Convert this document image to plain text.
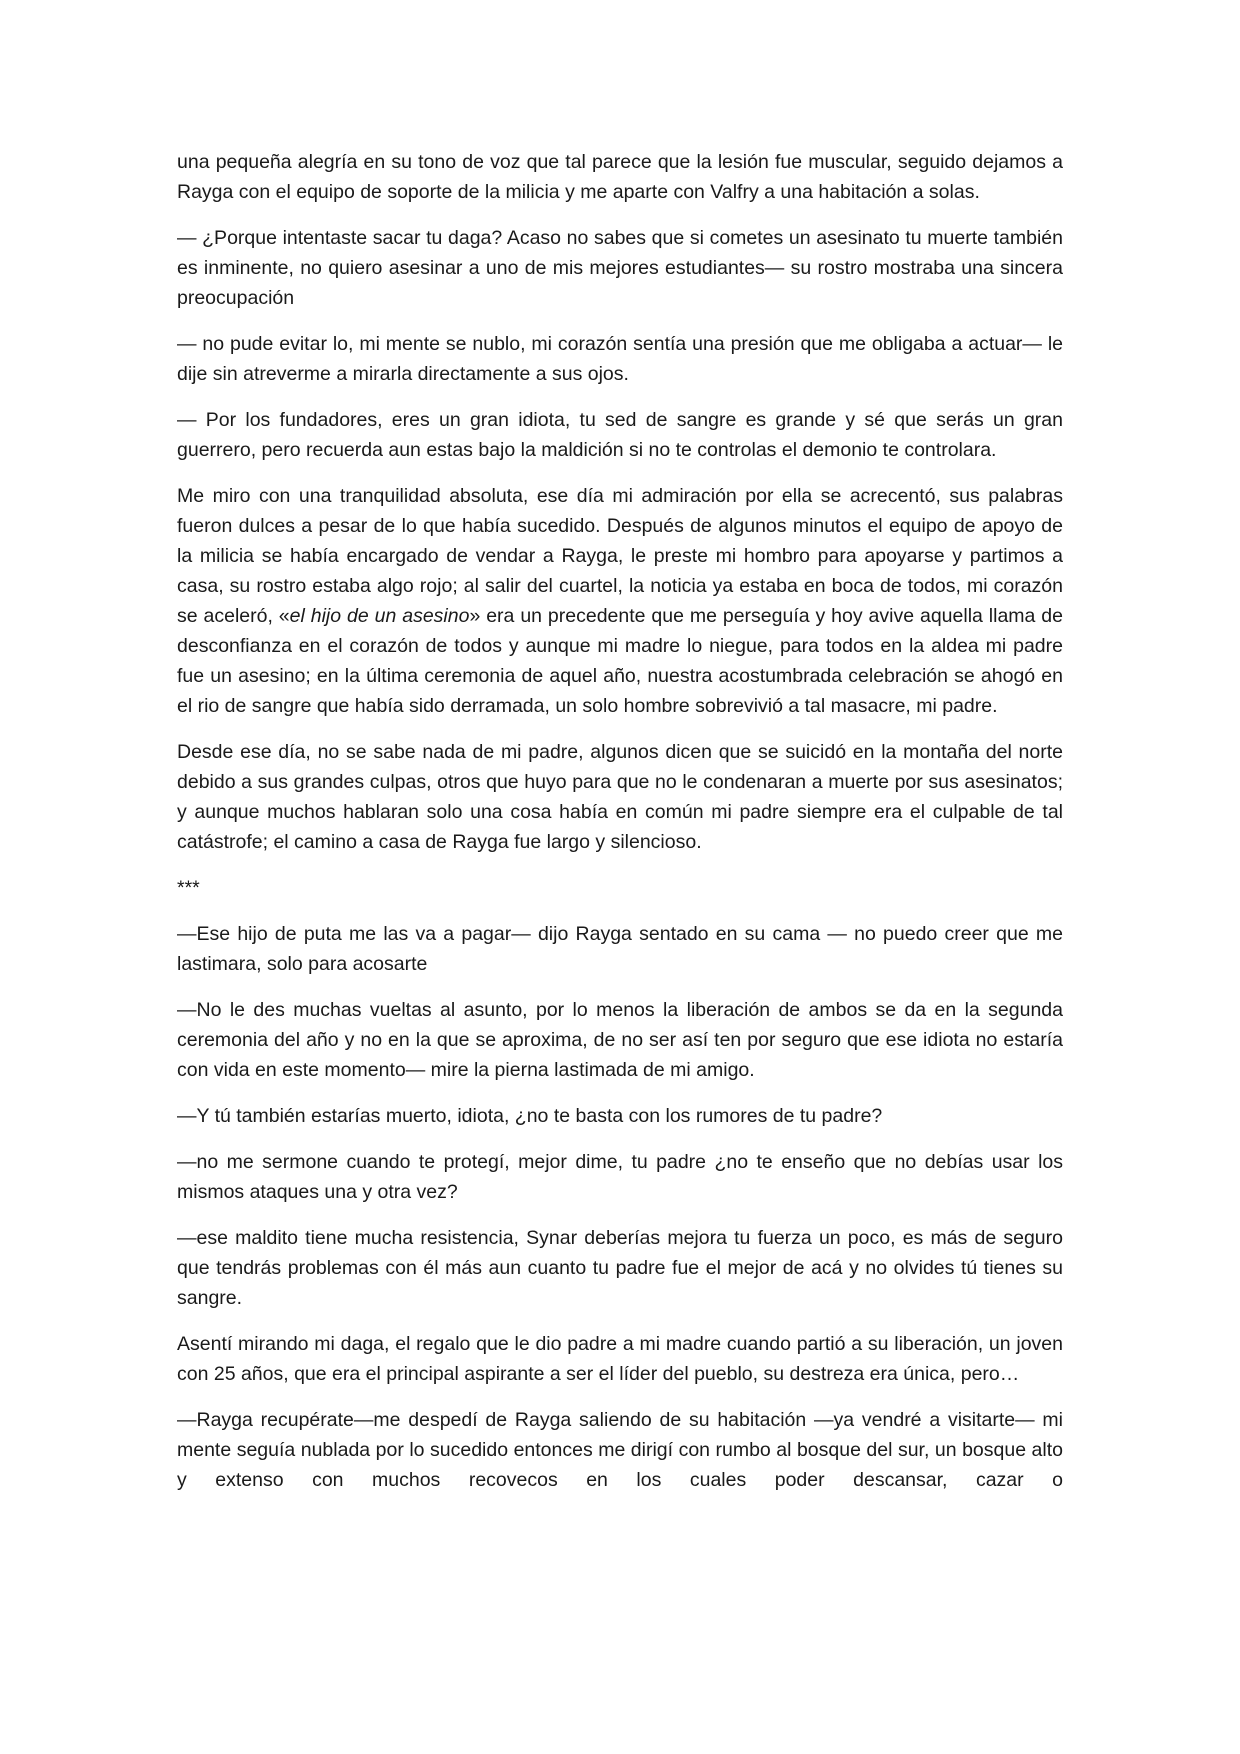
una pequeña alegría en su tono de voz que tal parece que la lesión fue muscular, seguido dejamos a Rayga con el equipo de soporte de la milicia y me aparte con Valfry a una habitación a solas.

— ¿Porque intentaste sacar tu daga? Acaso no sabes que si cometes un asesinato tu muerte también es inminente, no quiero asesinar a uno de mis mejores estudiantes— su rostro mostraba una sincera preocupación

— no pude evitar lo, mi mente se nublo, mi corazón sentía una presión que me obligaba a actuar— le dije sin atreverme a mirarla directamente a sus ojos.

— Por los fundadores, eres un gran idiota, tu sed de sangre es grande y sé que serás un gran guerrero, pero recuerda aun estas bajo la maldición si no te controlas el demonio te controlara.

Me miro con una tranquilidad absoluta, ese día mi admiración por ella se acrecentó, sus palabras fueron dulces a pesar de lo que había sucedido. Después de algunos minutos el equipo de apoyo de la milicia se había encargado de vendar a Rayga, le preste mi hombro para apoyarse y partimos a casa, su rostro estaba algo rojo; al salir del cuartel, la noticia ya estaba en boca de todos, mi corazón se aceleró, «el hijo de un asesino» era un precedente que me perseguía y hoy avive aquella llama de desconfianza en el corazón de todos y aunque mi madre lo niegue, para todos en la aldea mi padre fue un asesino; en la última ceremonia de aquel año, nuestra acostumbrada celebración se ahogó en el rio de sangre que había sido derramada, un solo hombre sobrevivió a tal masacre, mi padre.

Desde ese día, no se sabe nada de mi padre, algunos dicen que se suicidó en la montaña del norte debido a sus grandes culpas, otros que huyo para que no le condenaran a muerte por sus asesinatos; y aunque muchos hablaran solo una cosa había en común mi padre siempre era el culpable de tal catástrofe; el camino a casa de Rayga fue largo y silencioso.

***

—Ese hijo de puta me las va a pagar— dijo Rayga sentado en su cama — no puedo creer que me lastimara, solo para acosarte

—No le des muchas vueltas al asunto, por lo menos la liberación de ambos se da en la segunda ceremonia del año y no en la que se aproxima, de no ser así ten por seguro que ese idiota no estaría con vida en este momento— mire la pierna lastimada de mi amigo.

—Y tú también estarías muerto, idiota, ¿no te basta con los rumores de tu padre?

—no me sermone cuando te protegí, mejor dime, tu padre ¿no te enseño que no debías usar los mismos ataques una y otra vez?

—ese maldito tiene mucha resistencia, Synar deberías mejora tu fuerza un poco, es más de seguro que tendrás problemas con él más aun cuanto tu padre fue el mejor de acá y no olvides tú tienes su sangre.

Asentí mirando mi daga, el regalo que le dio padre a mi madre cuando partió a su liberación, un joven con 25 años, que era el principal aspirante a ser el líder del pueblo, su destreza era única, pero…

—Rayga recupérate—me despedí de Rayga saliendo de su habitación —ya vendré a visitarte— mi mente seguía nublada por lo sucedido entonces me dirigí con rumbo al bosque del sur, un bosque alto y extenso con muchos recovecos en los cuales poder descansar, cazar o
